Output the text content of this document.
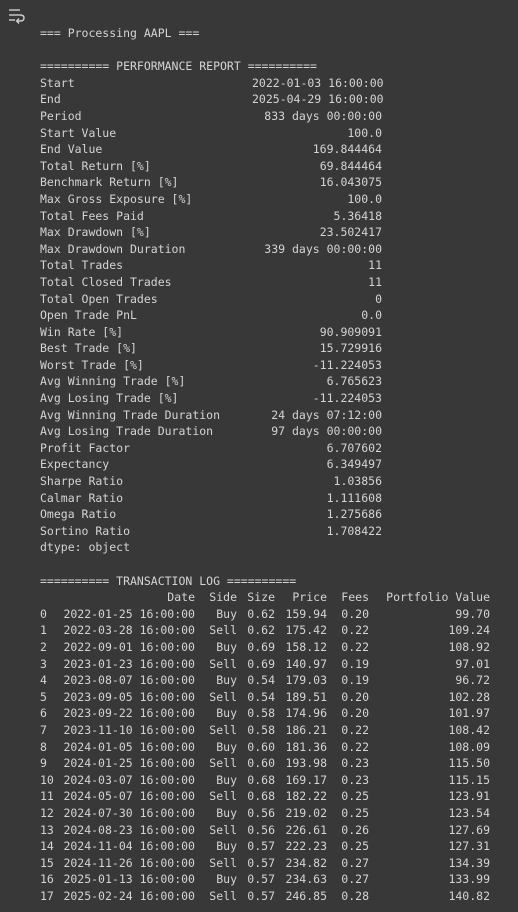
=== Processing AAPL ===
========== PERFORMANCE REPORT ==========
Start	2022-01-03 16:00:00
End	2025-04-29 16:00:00
Period	833 days 00:00:00
Start Value	100.0
End Value	169.844464
Total Return [%]	69.844464
Benchmark Return [%]	16.043075
Max Gross Exposure [%]	100.0
Total Fees Paid	5.36418
Max Drawdown [%]	23.502417
Max Drawdown Duration	339 days 00:00:00
Total Trades	11
Total Closed Trades	11
Total Open Trades	0
Open Trade PnL	0.0
Win Rate [%]	90.909091
Best Trade [%]	15.729916
Worst Trade [%]	-11.224053
Avg Winning Trade [%]	6.765623
Avg Losing Trade [%]	-11.224053
Avg Winning Trade Duration	24 days 07:12:00
Avg Losing Trade Duration	97 days 00:00:00
Profit Factor	6.707602
Expectancy	6.349497
Sharpe Ratio	1.03856
Calmar Ratio	1.111608
Omega Ratio	1.275686
Sortino Ratio	1.708422
dtype: object
========== TRANSACTION LOG ==========
Date	Side Size	Price	Fees	Portfolio Value
0	2022-01-25 16:00:00	Buy 0.62 159.94	0.20	99.70
1	2022-03-28 16:00:00	Sell 0.62 175.42	0.22	109.24
2	2022-09-01 16:00:00	Buy 0.69 158.12	0.22	108.92
3	2023-01-23 16:00:00	Sell 0.69 140.97	0.19	97.01
4	2023-08-07 16:00:00	Buy 0.54 179.03	0.19	96.72
5	2023-09-05 16:00:00	Sell 0.54 189.51	0.20	102.28
6	2023-09-22 16:00:00	Buy 0.58 174.96	0.20	101.97
7	2023-11-10 16:00:00	Sell 0.58 186.21	0.22	108.42
8	2024-01-05 16:00:00	Buy 0.60 181.36	0.22	108.09
9	2024-01-25 16:00:00	Sell 0.60 193.98	0.23	115.50
10 2024-03-07 16:00:00	Buy 0.68 169.17	0.23	115.15
11 2024-05-07 16:00:00	Sell 0.68 182.22	0.25	123.91
12 2024-07-30 16:00:00	Buy 0.56 219.02	0.25	123.54
13 2024-08-23 16:00:00	Sell 0.56 226.61	0.26	127.69
14 2024-11-04 16:00:00	Buy 0.57 222.23	0.25	127.31
15 2024-11-26 16:00:00	Sell 0.57 234.82	0.27	134.39
16 2025-01-13 16:00:00	Buy 0.57 234.63	0.27	133.99
17 2025-02-24 16:00:00	Sell 0.57 246.85	0.28	140.82
